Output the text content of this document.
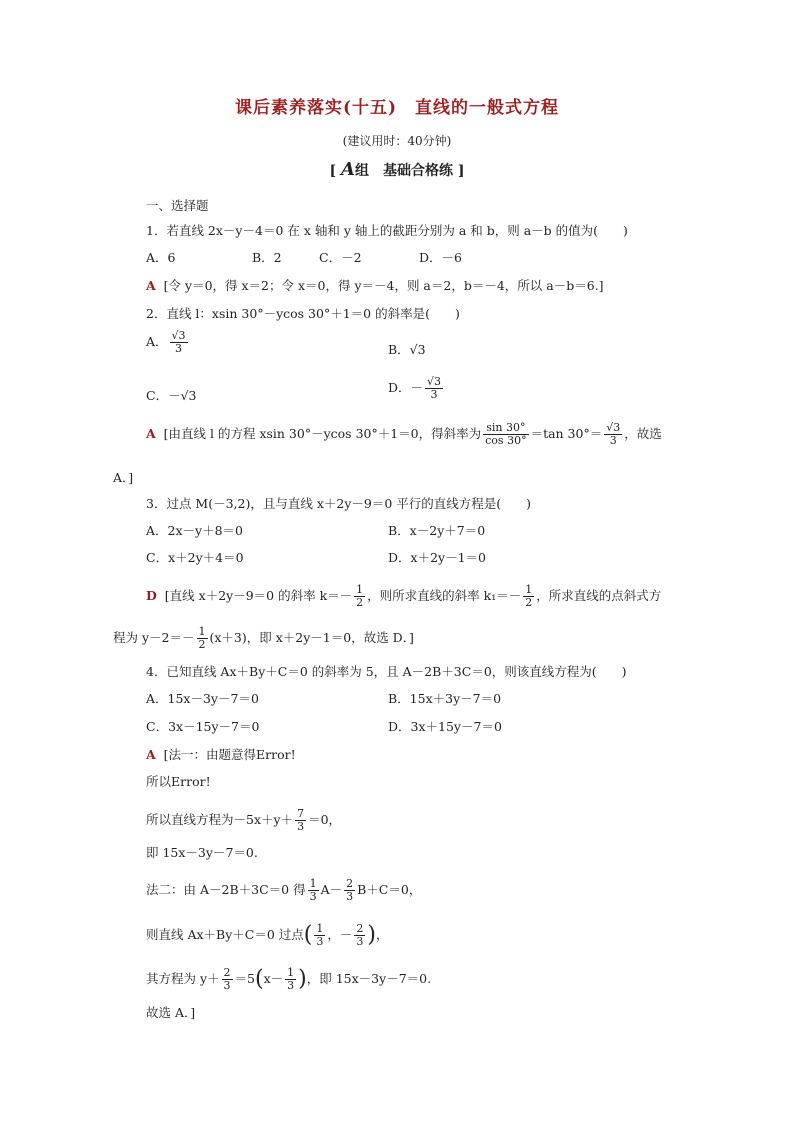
课后素养落实(十五)　直线的一般式方程
(建议用时：40分钟)
[ A组　基础合格练 ]
一、选择题
1．若直线 2x－y－4＝0 在 x 轴和 y 轴上的截距分别为 a 和 b，则 a－b 的值为(　　)
A．6	B．2	C．－2	D．－6
A [令 y＝0，得 x＝2；令 x＝0，得 y＝－4，则 a＝2，b＝－4，所以 a－b＝6.]
2．直线 l：xsin 30°－ycos 30°＋1＝0 的斜率是(　　)
A． $\frac{√3}{3}$	B．√3
C．－√3
D．－ $\frac{√3}{3}$
A [由直线 l 的方程 xsin 30°－ycos 30°＋1＝0，得斜率为 $\frac{\sin 30^\circ}{\cos 30^\circ} =\tan$ $30^\circ= \frac{√3}{3}$ ，故选
A．]
3．过点 M(－3,2)，且与直线 x＋2y－9＝0 平行的直线方程是(　　)
A．2x－y＋8＝0	B．x－2y＋7＝0
C．x＋2y＋4＝0	D．x＋2y－1＝0
D [直线 x＋2y－9＝0 的斜率 $k=- \frac{1}{2}$ ，则所求直线的斜率 $k_1=- \frac{1}{2}$ ，所求直线的点斜式方
程为 $y-2=- \frac{1}{2} (x+3)$，即 x＋2y－1＝0，故选 D．]
4．已知直线 Ax＋By＋C＝0 的斜率为 5，且 A－2B＋3C＝0，则该直线方程为(　　)
A．15x－3y－7＝0	B．15x＋3y－7＝0
C．3x－15y－7＝0	D．3x＋15y－7＝0
A [法一：由题意得Error!
所以Error!
所以直线方程为$-5x+y+ \frac{7}{3} =0$，
即 15x－3y－7＝0.
法二：由 A－2B＋3C＝0 得 $\frac{1}{3} A- \frac{2}{3} B+C=0$，
则直线 Ax＋By＋C＝0 过点( $\frac{1}{3}$ ，－ $\frac{2}{3}$ )，
其方程为 $y+ \frac{2}{3} =5(x- \frac{1}{3}$ )，即 15x－3y－7＝0.
故选 A．]
